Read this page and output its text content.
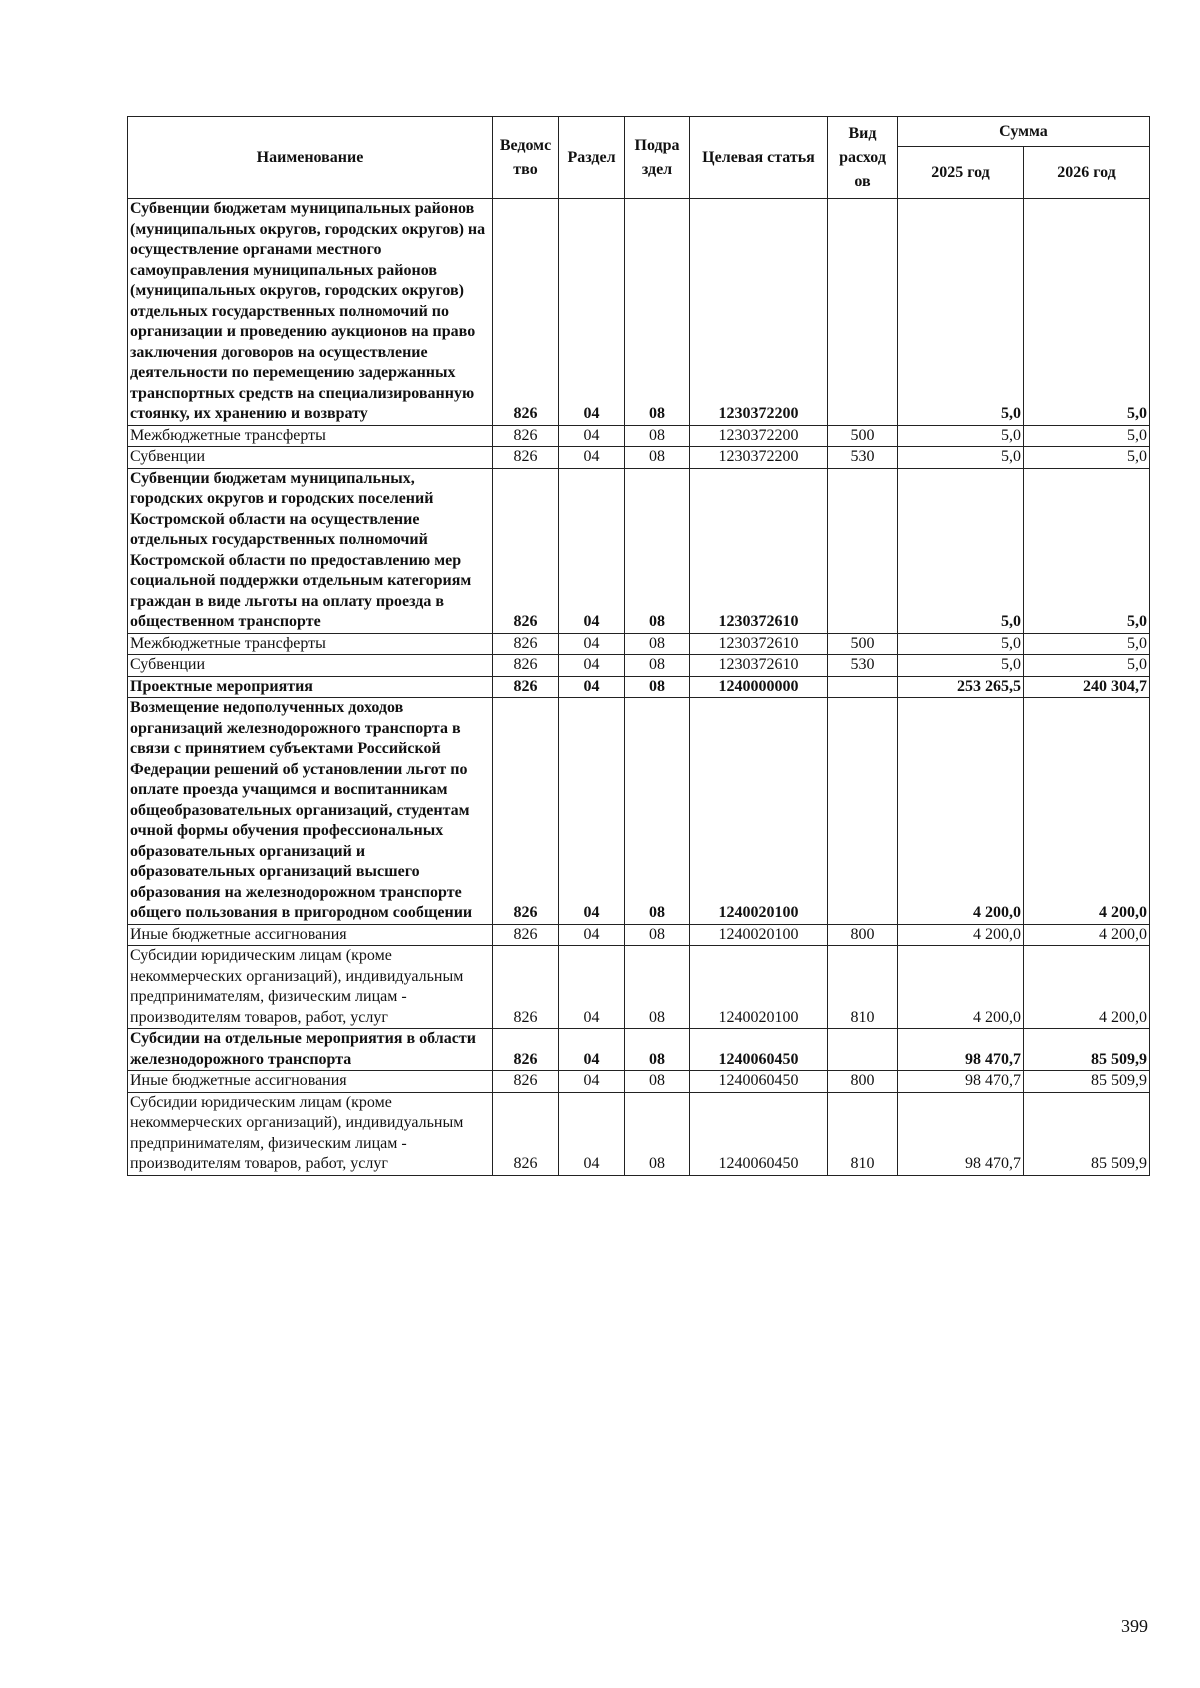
Наименование	Ведомс тво	Раздел	Подра здел	Целевая статья	Вид расход ов	Сумма	
						2025 год	2026 год
Субвенции бюджетам муниципальных районов (муниципальных округов, городских округов) на осуществление органами местного самоуправления муниципальных районов (муниципальных округов, городских округов) отдельных государственных полномочий по организации и проведению аукционов на право заключения договоров на осуществление деятельности по перемещению задержанных транспортных средств на специализированную стоянку, их хранению и возврату	826	04	08	1230372200		5,0	5,0
Межбюджетные трансферты	826	04	08	1230372200	500	5,0	5,0
Субвенции	826	04	08	1230372200	530	5,0	5,0
Субвенции бюджетам муниципальных, городских округов и городских поселений Костромской области на осуществление отдельных государственных полномочий Костромской области по предоставлению мер социальной поддержки отдельным категориям граждан в виде льготы на оплату проезда в общественном транспорте	826	04	08	1230372610		5,0	5,0
Межбюджетные трансферты	826	04	08	1230372610	500	5,0	5,0
Субвенции	826	04	08	1230372610	530	5,0	5,0
Проектные мероприятия	826	04	08	1240000000		253 265,5	240 304,7
Возмещение недополученных доходов организаций железнодорожного транспорта в связи с принятием субъектами Российской Федерации решений об установлении льгот по оплате проезда учащимся и воспитанникам общеобразовательных организаций, студентам очной формы обучения профессиональных образовательных организаций и образовательных организаций высшего образования на железнодорожном транспорте общего пользования в пригородном сообщении	826	04	08	1240020100		4 200,0	4 200,0
Иные бюджетные ассигнования	826	04	08	1240020100	800	4 200,0	4 200,0
Субсидии юридическим лицам (кроме некоммерческих организаций), индивидуальным предпринимателям, физическим лицам - производителям товаров, работ, услуг	826	04	08	1240020100	810	4 200,0	4 200,0
Субсидии на отдельные мероприятия в области железнодорожного транспорта	826	04	08	1240060450		98 470,7	85 509,9
Иные бюджетные ассигнования	826	04	08	1240060450	800	98 470,7	85 509,9
Субсидии юридическим лицам (кроме некоммерческих организаций), индивидуальным предпринимателям, физическим лицам - производителям товаров, работ, услуг	826	04	08	1240060450	810	98 470,7	85 509,9
399
